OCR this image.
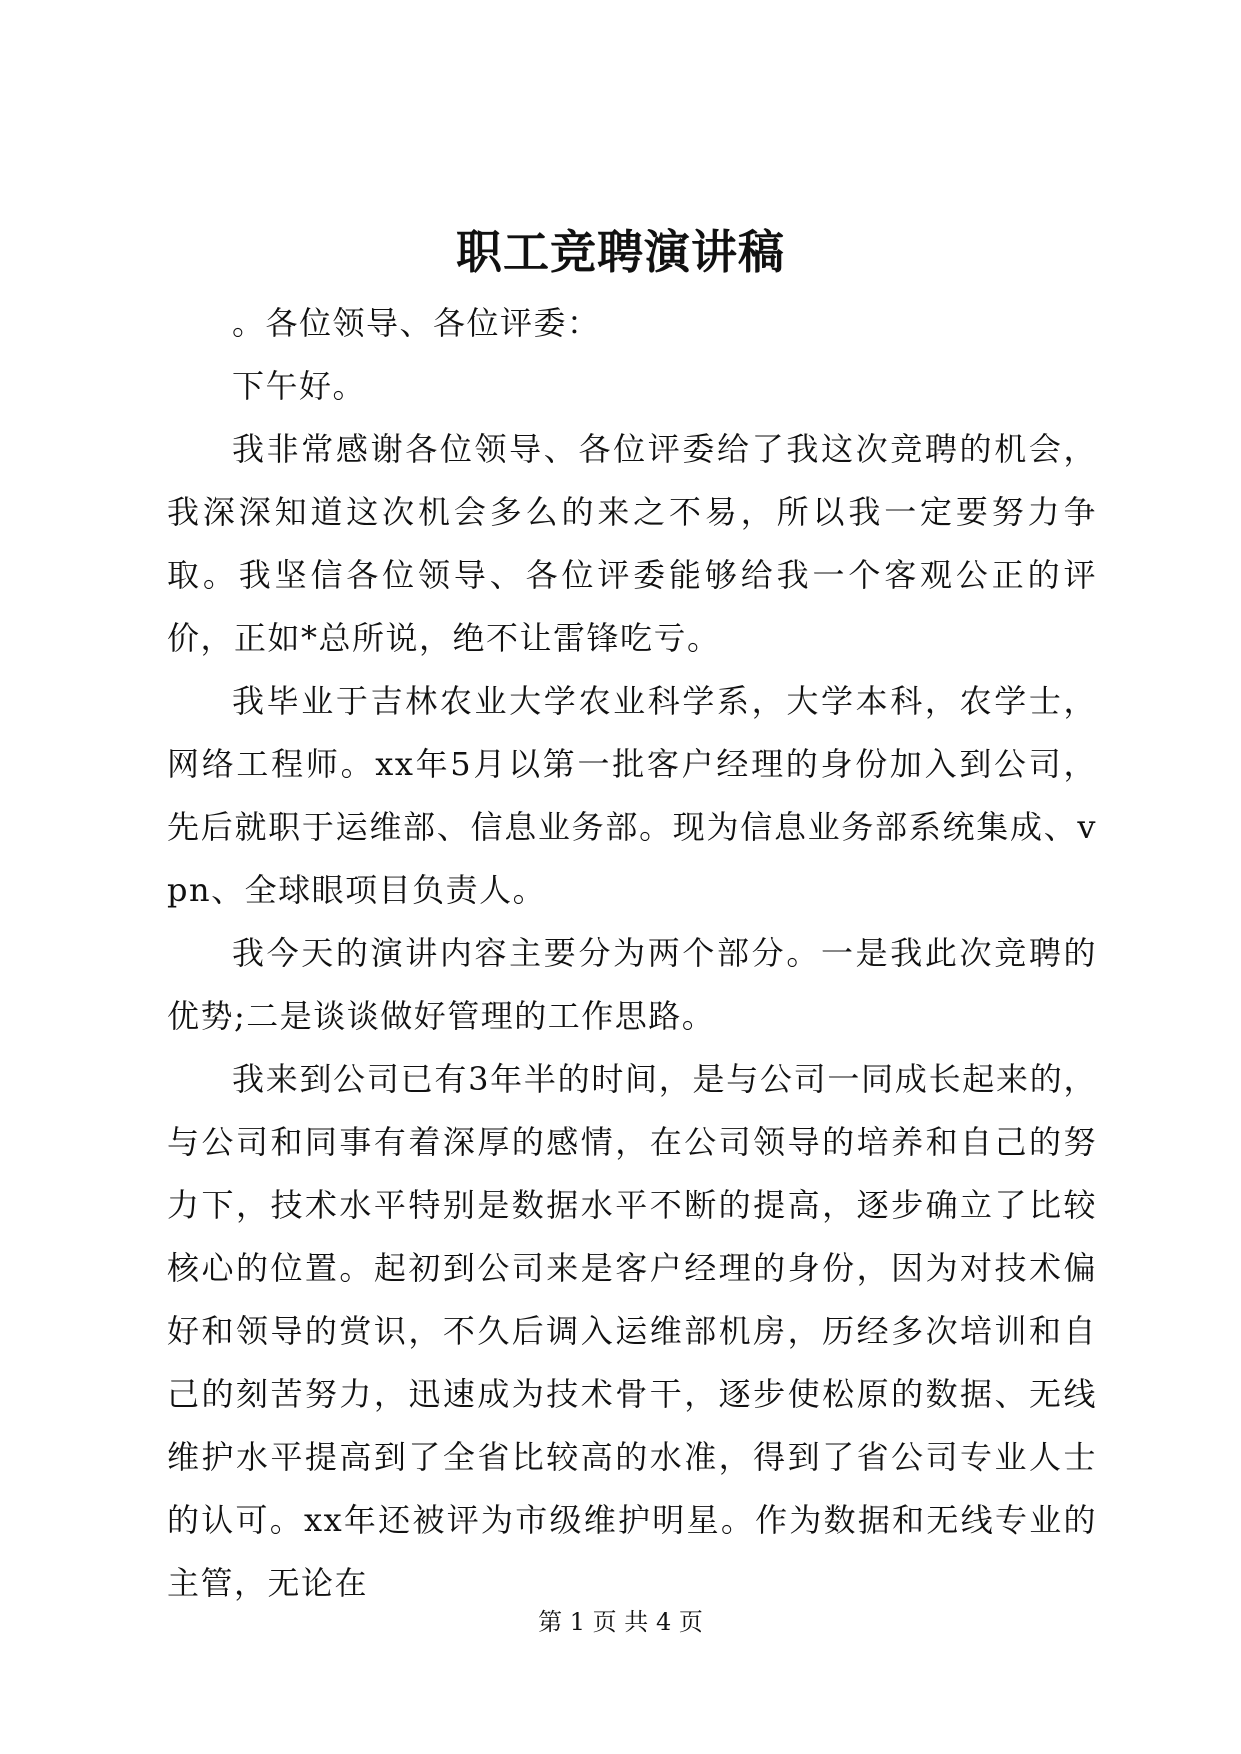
职工竞聘演讲稿

。各位领导、各位评委：

下午好。

我非常感谢各位领导、各位评委给了我这次竞聘的机会，我深深知道这次机会多么的来之不易，所以我一定要努力争取。我坚信各位领导、各位评委能够给我一个客观公正的评价，正如*总所说，绝不让雷锋吃亏。

我毕业于吉林农业大学农业科学系，大学本科，农学士，网络工程师。xx年5月以第一批客户经理的身份加入到公司，先后就职于运维部、信息业务部。现为信息业务部系统集成、vpn、全球眼项目负责人。

我今天的演讲内容主要分为两个部分。一是我此次竞聘的优势;二是谈谈做好管理的工作思路。

我来到公司已有3年半的时间，是与公司一同成长起来的，与公司和同事有着深厚的感情，在公司领导的培养和自己的努力下，技术水平特别是数据水平不断的提高，逐步确立了比较核心的位置。起初到公司来是客户经理的身份，因为对技术偏好和领导的赏识，不久后调入运维部机房，历经多次培训和自己的刻苦努力，迅速成为技术骨干，逐步使松原的数据、无线维护水平提高到了全省比较高的水准，得到了省公司专业人士的认可。xx年还被评为市级维护明星。作为数据和无线专业的主管，无论在

第 1 页 共 4 页
